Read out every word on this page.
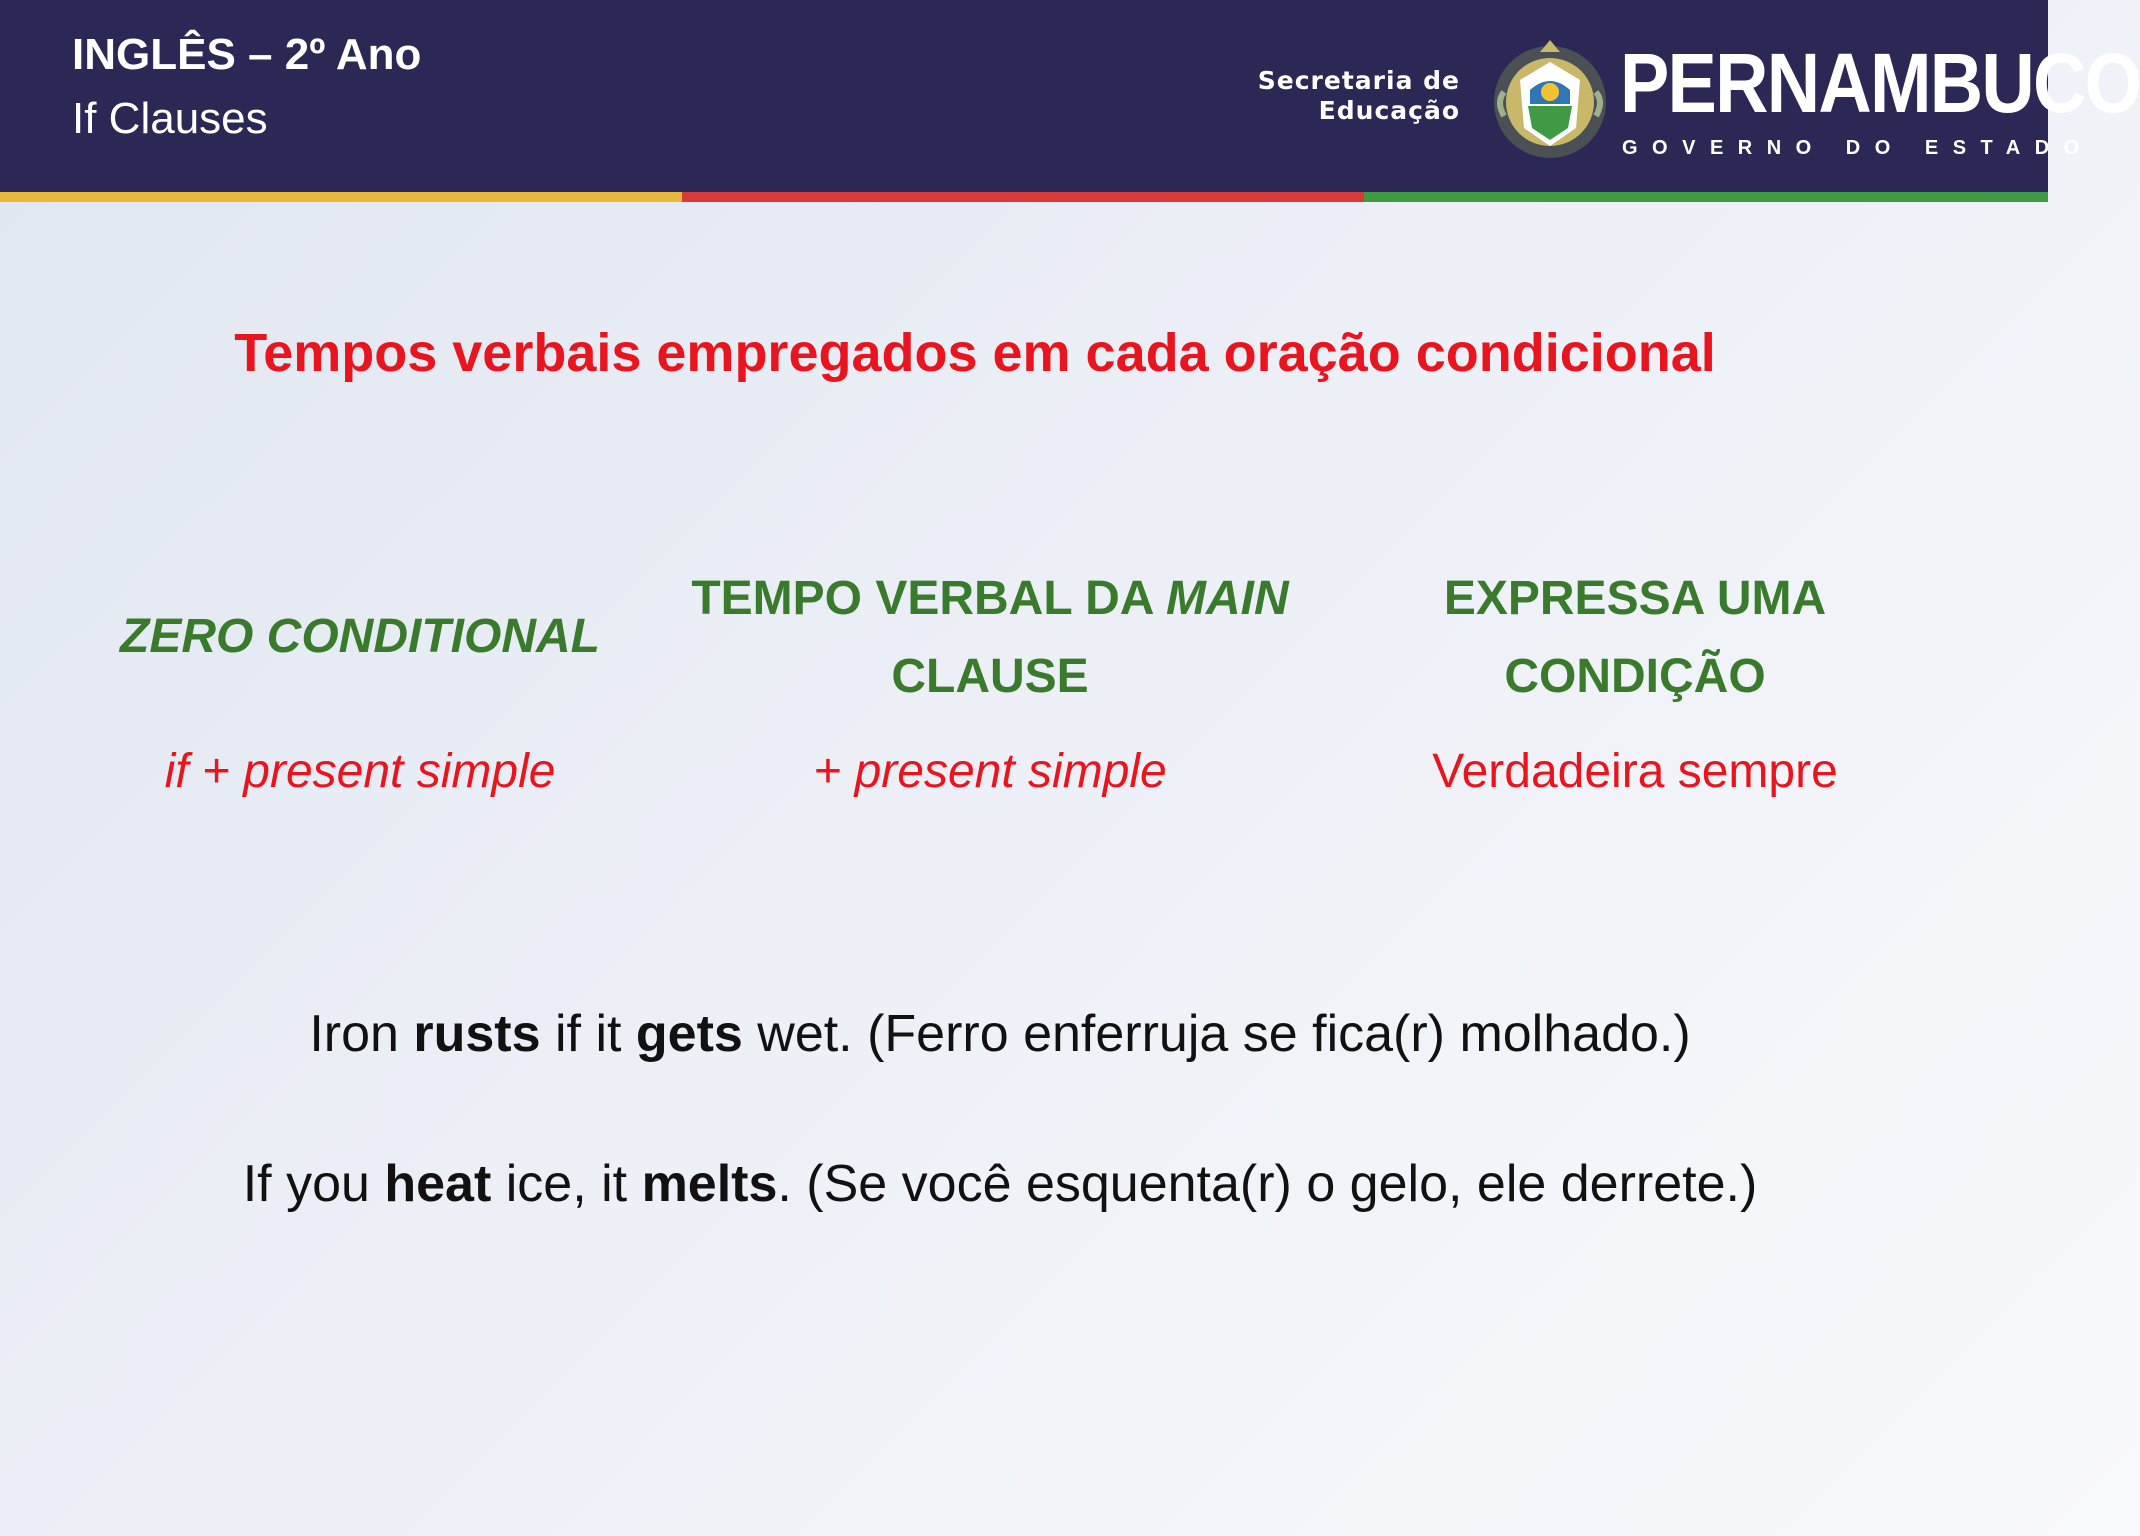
INGLÊS – 2º Ano
If Clauses
Secretaria de
Educação PERNAMBUCO
GOVERNO DO ESTADO
Tempos verbais empregados em cada oração condicional
ZERO CONDITIONAL
if + present simple
TEMPO VERBAL DA MAIN
CLAUSE
+ present simple
EXPRESSA UMA
CONDIÇÃO
Verdadeira sempre
Iron rusts if it gets wet. (Ferro enferruja se fica(r) molhado.)
If you heat ice, it melts. (Se você esquenta(r) o gelo, ele derrete.)
